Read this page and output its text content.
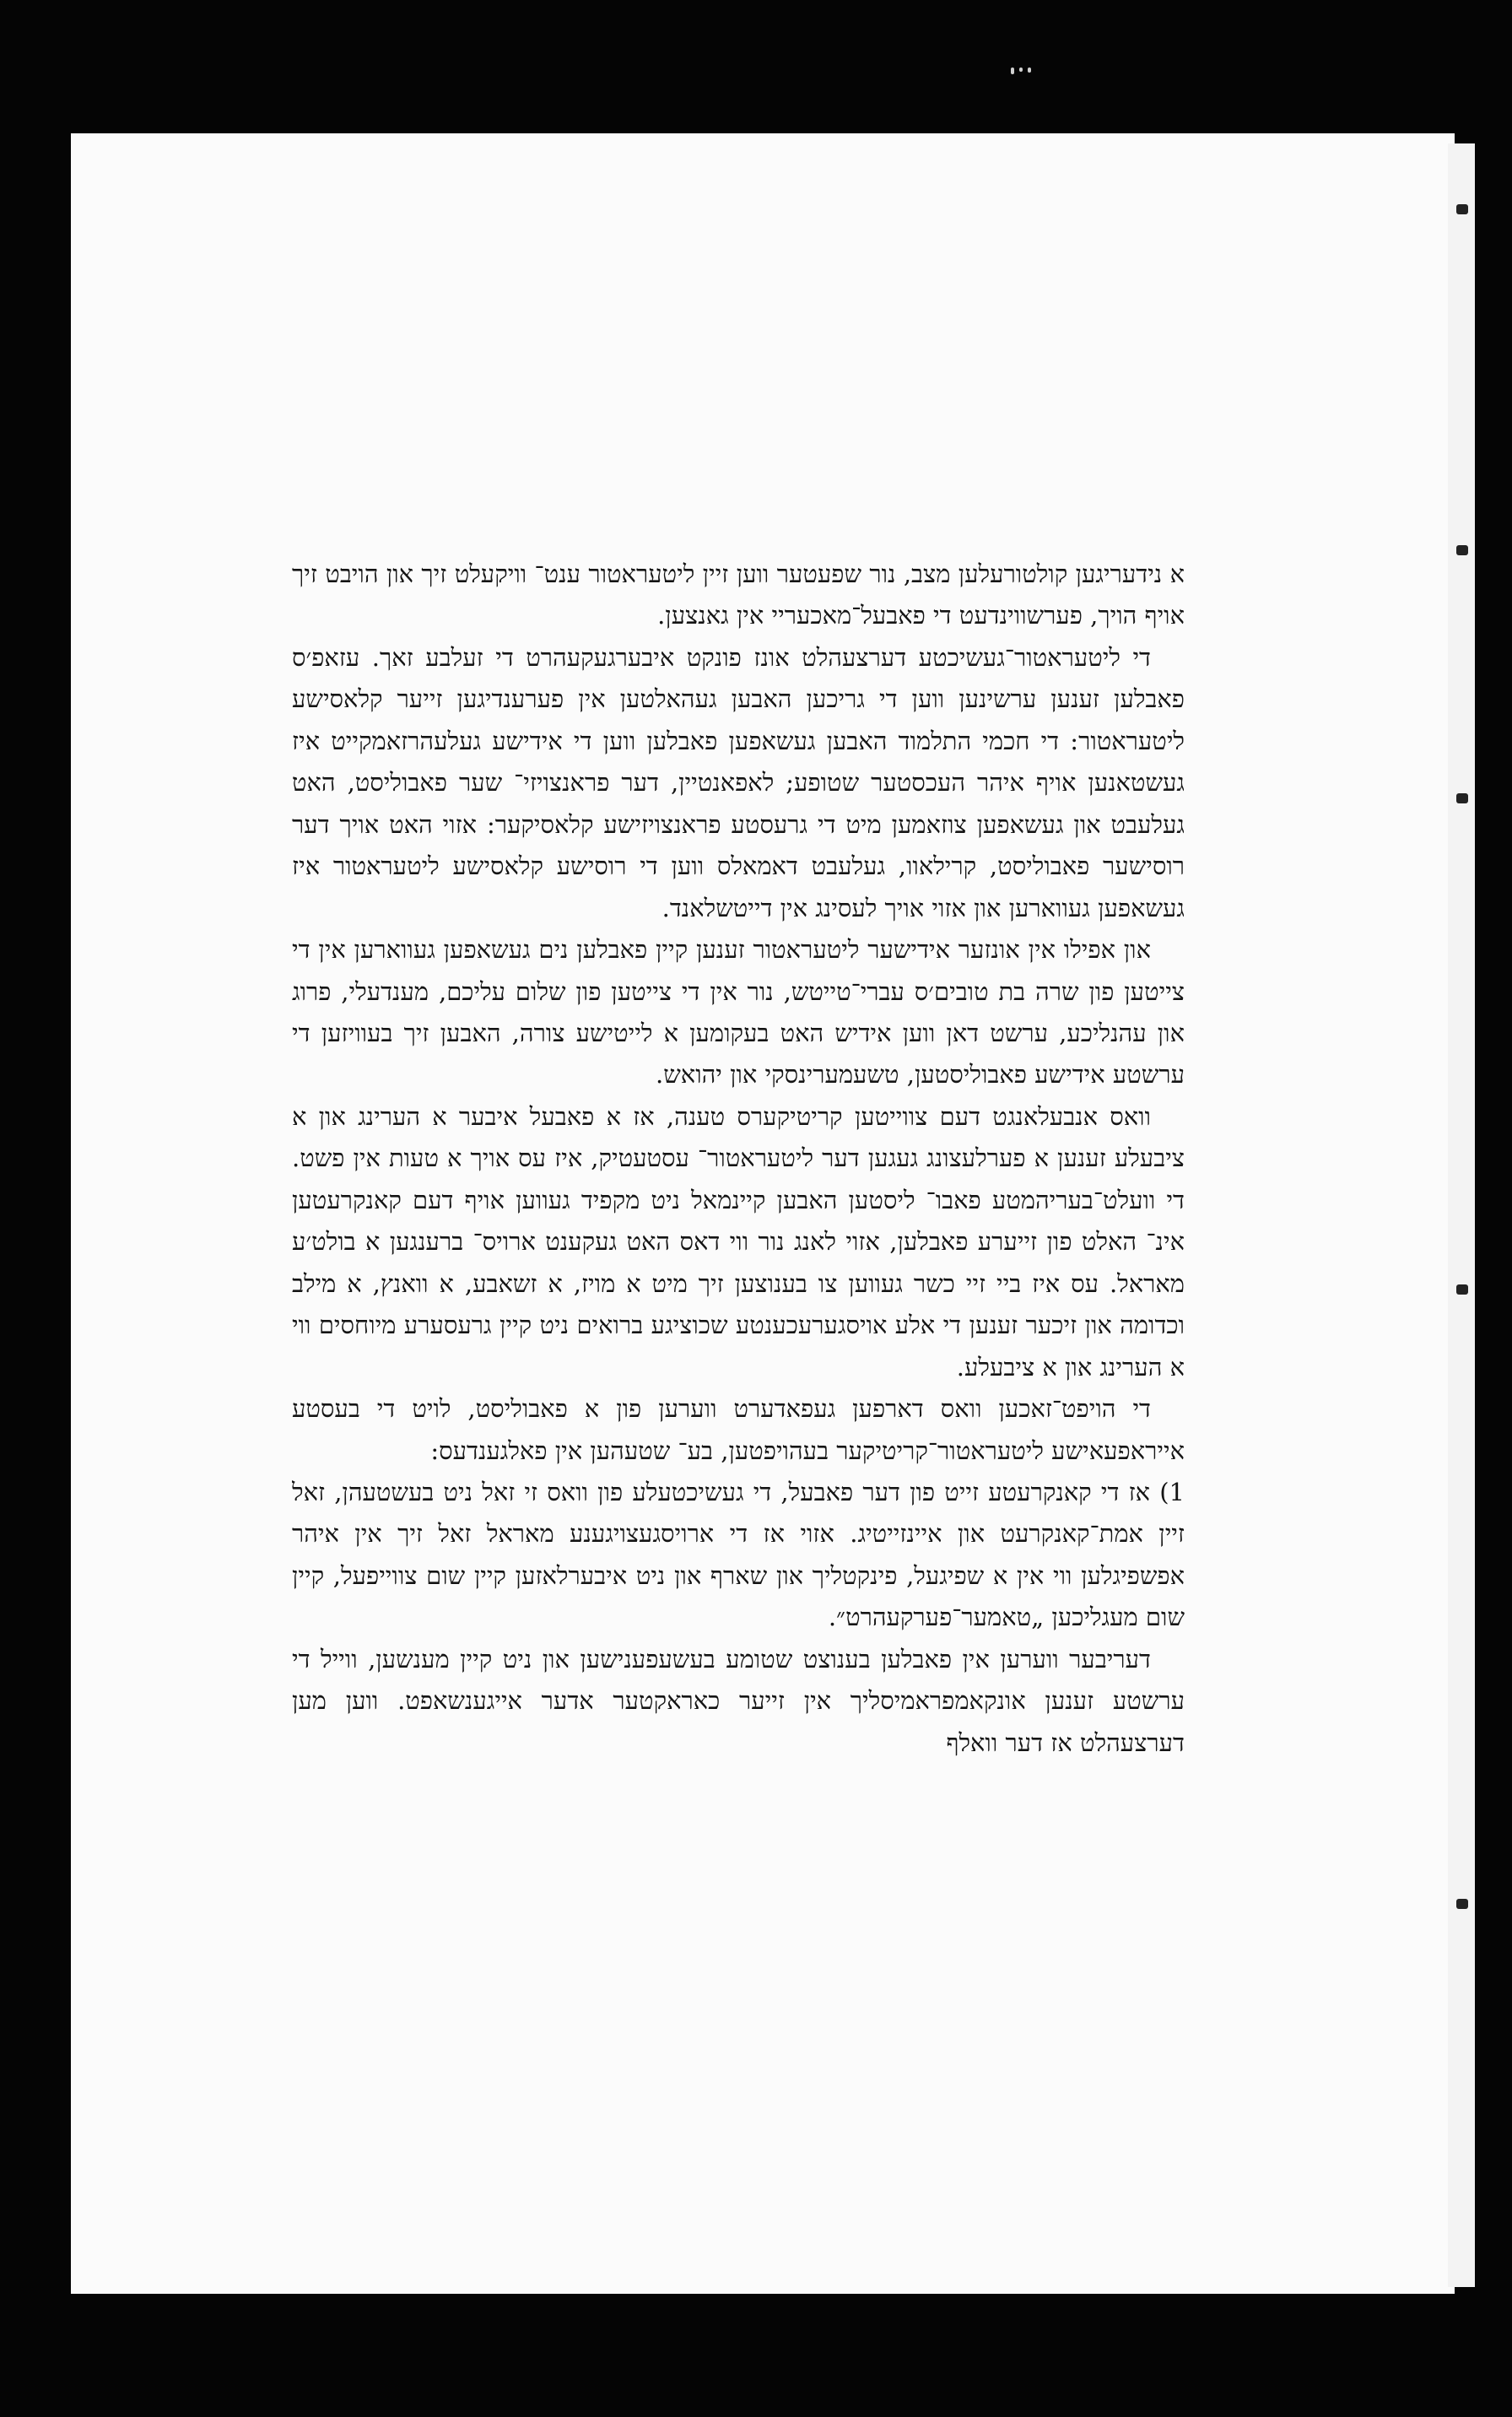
א נידעריגען קולטורעלען מצב, נור שפעטער ווען זיין ליטעראטור ענט־ וויקעלט זיך און הויבט זיך אויף הויך, פערשווינדעט די פאבעל־מאכעריי אין גאנצען.

די ליטעראטור־געשיכטע דערצעהלט אונז פונקט איבערגעקעהרט די זעלבע זאך. עזאפ׳ס פאבלען זענען ערשינען ווען די גריכען האבען געהאלטען אין פערענדיגען זייער קלאסישע ליטעראטור: די חכמי התלמוד האבען געשאפען פאבלען ווען די אידישע געלעהרזאמקייט איז געשטאנען אויף איהר העכסטער שטופע; לאפאנטיין, דער פראנצויזי־ שער פאבוליסט, האט געלעבט און געשאפען צוזאמען מיט די גרעסטע פראנצויזישע קלאסיקער: אזוי האט אויך דער רוסישער פאבוליסט, קרילאוו, געלעבט דאמאלס ווען די רוסישע קלאסישע ליטעראטור איז געשאפען געווארען און אזוי אויך לעסינג אין דייטשלאנד.

און אפילו אין אונזער אידישער ליטעראטור זענען קיין פאבלען נים געשאפען געווארען אין די צייטען פון שרה בת טובים׳ס עברי־טייטש, נור אין די צייטען פון שלום עליכם, מענדעלי, פרוג און עהנליכע, ערשט דאן ווען אידיש האט בעקומען א לייטישע צורה, האבען זיך בעוויזען די ערשטע אידישע פאבוליסטען, טשעמערינסקי און יהואש.

וואס אנבעלאנגט דעם צווייטען קריטיקערס טענה, אז א פאבעל איבער א הערינג און א ציבעלע זענען א פערלעצונג געגען דער ליטעראטור־ עסטעטיק, איז עס אויך א טעות אין פשט. די וועלט־בעריהמטע פאבו־ ליסטען האבען קיינמאל ניט מקפיד געווען אויף דעם קאנקרעטען אינ־ האלט פון זייערע פאבלען, אזוי לאנג נור ווי דאס האט געקענט ארויס־ ברענגען א בולט׳ע מאראל. עס איז ביי זיי כשר געווען צו בענוצען זיך מיט א מויז, א זשאבע, א וואנץ, א מילב וכדומה און זיכער זענען די אלע אויסגערעכענטע שכוציגע ברואים ניט קיין גרעסערע מיוחסים ווי א הערינג און א ציבעלע.

די הויפט־זאכען וואס דארפען געפאדערט ווערען פון א פאבוליסט, לויט די בעסטע אייראפעאישע ליטעראטור־קריטיקער בעהויפטען, בע־ שטעהען אין פאלגענדעס:

1) אז די קאנקרעטע זייט פון דער פאבעל, די געשיכטעלע פון וואס זי זאל ניט בעשטעהן, זאל זיין אמת־קאנקרעט און איינזייטיג. אזוי אז די ארויסגעצויגענע מאראל זאל זיך אין איהר אפשפיגלען ווי אין א שפיגעל, פינקטליך און שארף און ניט איבערלאזען קיין שום צווייפעל, קיין שום מעגליכען „טאמער־פערקעהרט״.

דעריבער ווערען אין פאבלען בענוצט שטומע בעשעפענישען און ניט קיין מענשען, ווייל די ערשטע זענען אונקאמפראמיסליך אין זייער כאראקטער אדער אייגענשאפט. ווען מען דערצעהלט אז דער וואלף
